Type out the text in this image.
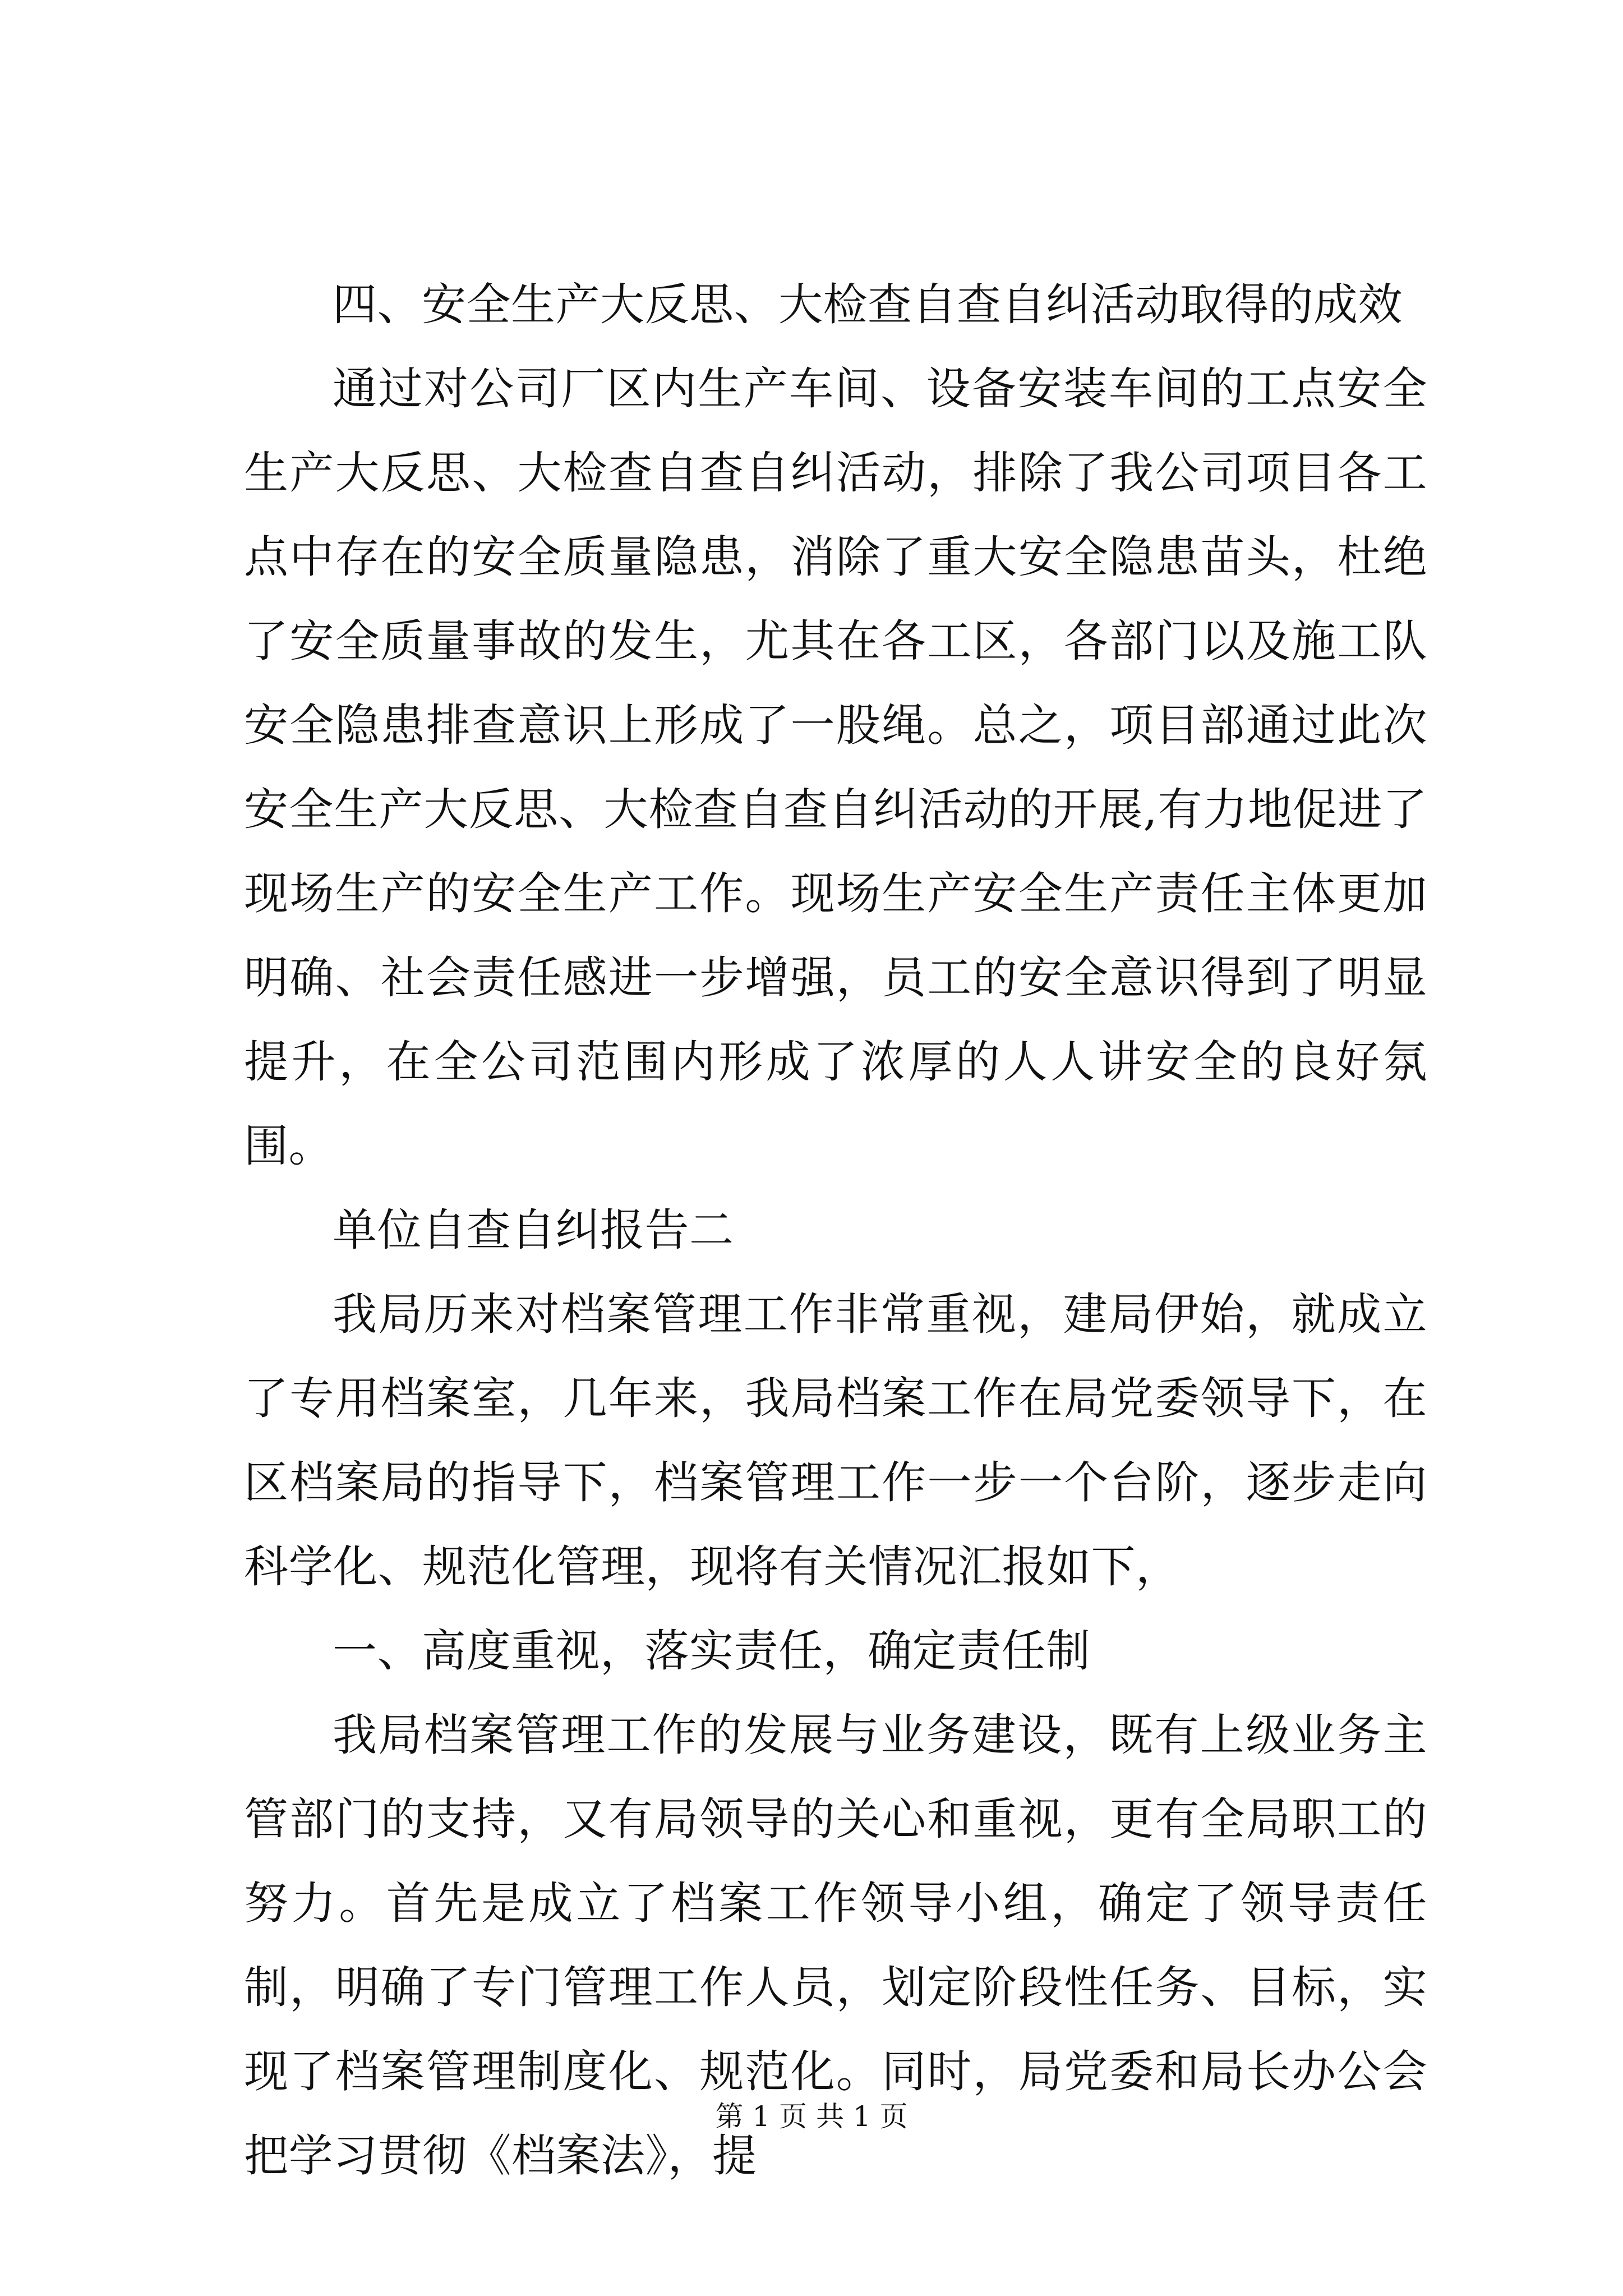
四、安全生产大反思、大检查自查自纠活动取得的成效

通过对公司厂区内生产车间、设备安装车间的工点安全生产大反思、大检查自查自纠活动，排除了我公司项目各工点中存在的安全质量隐患，消除了重大安全隐患苗头，杜绝了安全质量事故的发生，尤其在各工区，各部门以及施工队安全隐患排查意识上形成了一股绳。总之，项目部通过此次安全生产大反思、大检查自查自纠活动的开展,有力地促进了现场生产的安全生产工作。现场生产安全生产责任主体更加明确、社会责任感进一步增强，员工的安全意识得到了明显提升，在全公司范围内形成了浓厚的人人讲安全的良好氛围。

单位自查自纠报告二

我局历来对档案管理工作非常重视，建局伊始，就成立了专用档案室，几年来，我局档案工作在局党委领导下，在区档案局的指导下，档案管理工作一步一个台阶，逐步走向科学化、规范化管理，现将有关情况汇报如下，

一、高度重视，落实责任，确定责任制

我局档案管理工作的发展与业务建设，既有上级业务主管部门的支持，又有局领导的关心和重视，更有全局职工的努力。首先是成立了档案工作领导小组，确定了领导责任制，明确了专门管理工作人员，划定阶段性任务、目标，实现了档案管理制度化、规范化。同时，局党委和局长办公会把学习贯彻《档案法》，提

第 1 页 共 1 页
